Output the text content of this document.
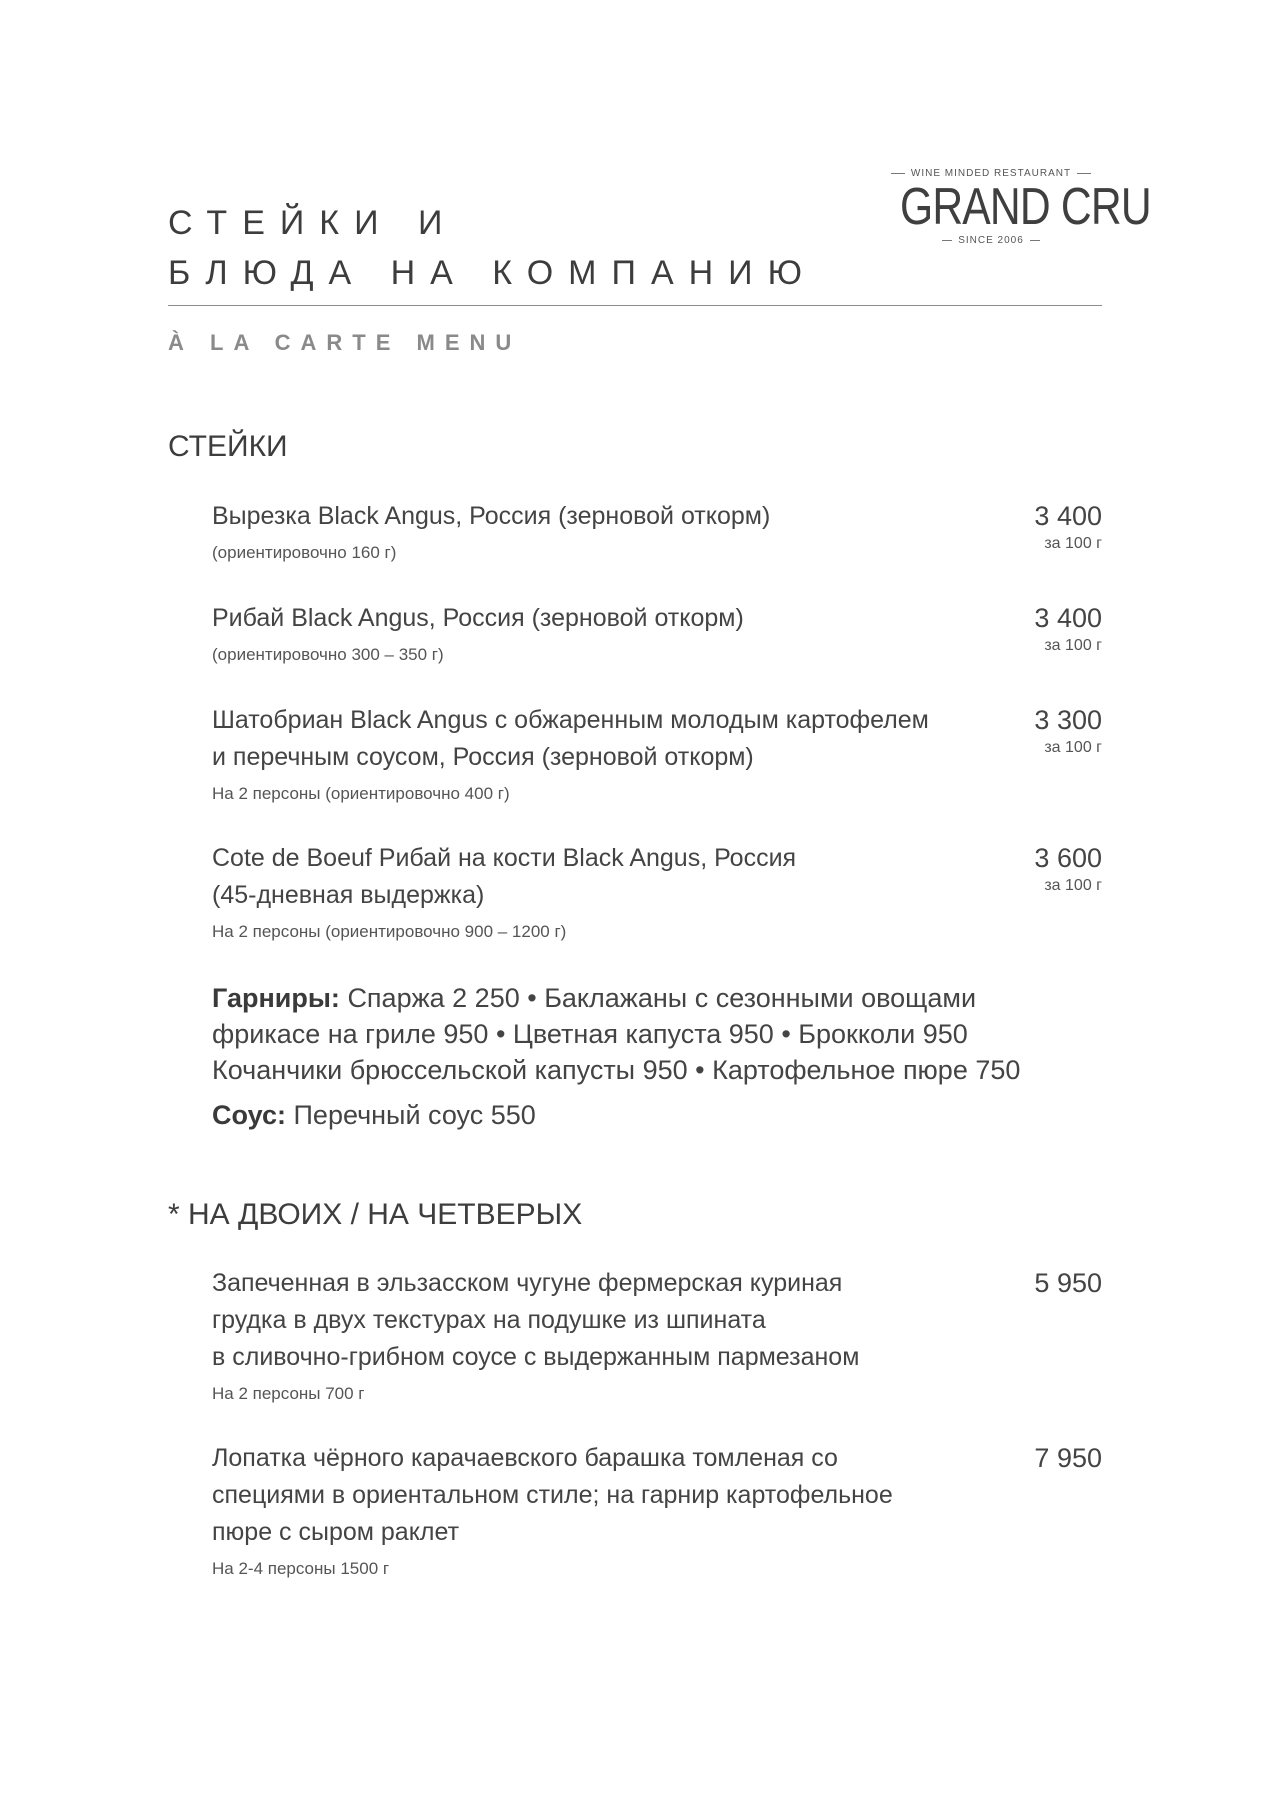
СТЕЙКИ И
БЛЮДА НА КОМПАНИЮ
WINE MINDED RESTAURANT
GRAND CRU
SINCE 2006
À LA CARTE MENU
СТЕЙКИ
Вырезка Black Angus, Россия (зерновой откорм)
(ориентировочно 160 г)
3 400
за 100 г
Рибай Black Angus, Россия (зерновой откорм)
(ориентировочно 300 – 350 г)
3 400
за 100 г
Шатобриан Black Angus с обжаренным молодым картофелем
и перечным соусом, Россия (зерновой откорм)
На 2 персоны (ориентировочно 400 г)
3 300
за 100 г
Cote de Boeuf Рибай на кости Black Angus, Россия
(45-дневная выдержка)
На 2 персоны (ориентировочно 900 – 1200 г)
3 600
за 100 г
Гарниры: Спаржа 2 250 • Баклажаны с сезонными овощами
фрикасе на гриле 950 • Цветная капуста 950 • Брокколи 950
Кочанчики брюссельской капусты 950 • Картофельное пюре 750
Соус: Перечный соус 550
* НА ДВОИХ / НА ЧЕТВЕРЫХ
Запеченная в эльзасском чугуне фермерская куриная
грудка в двух текстурах на подушке из шпината
в сливочно-грибном соусе с выдержанным пармезаном
На 2 персоны 700 г
5 950
Лопатка чёрного карачаевского барашка томленая со
специями в ориентальном стиле; на гарнир картофельное
пюре с сыром раклет
На 2-4 персоны 1500 г
7 950
